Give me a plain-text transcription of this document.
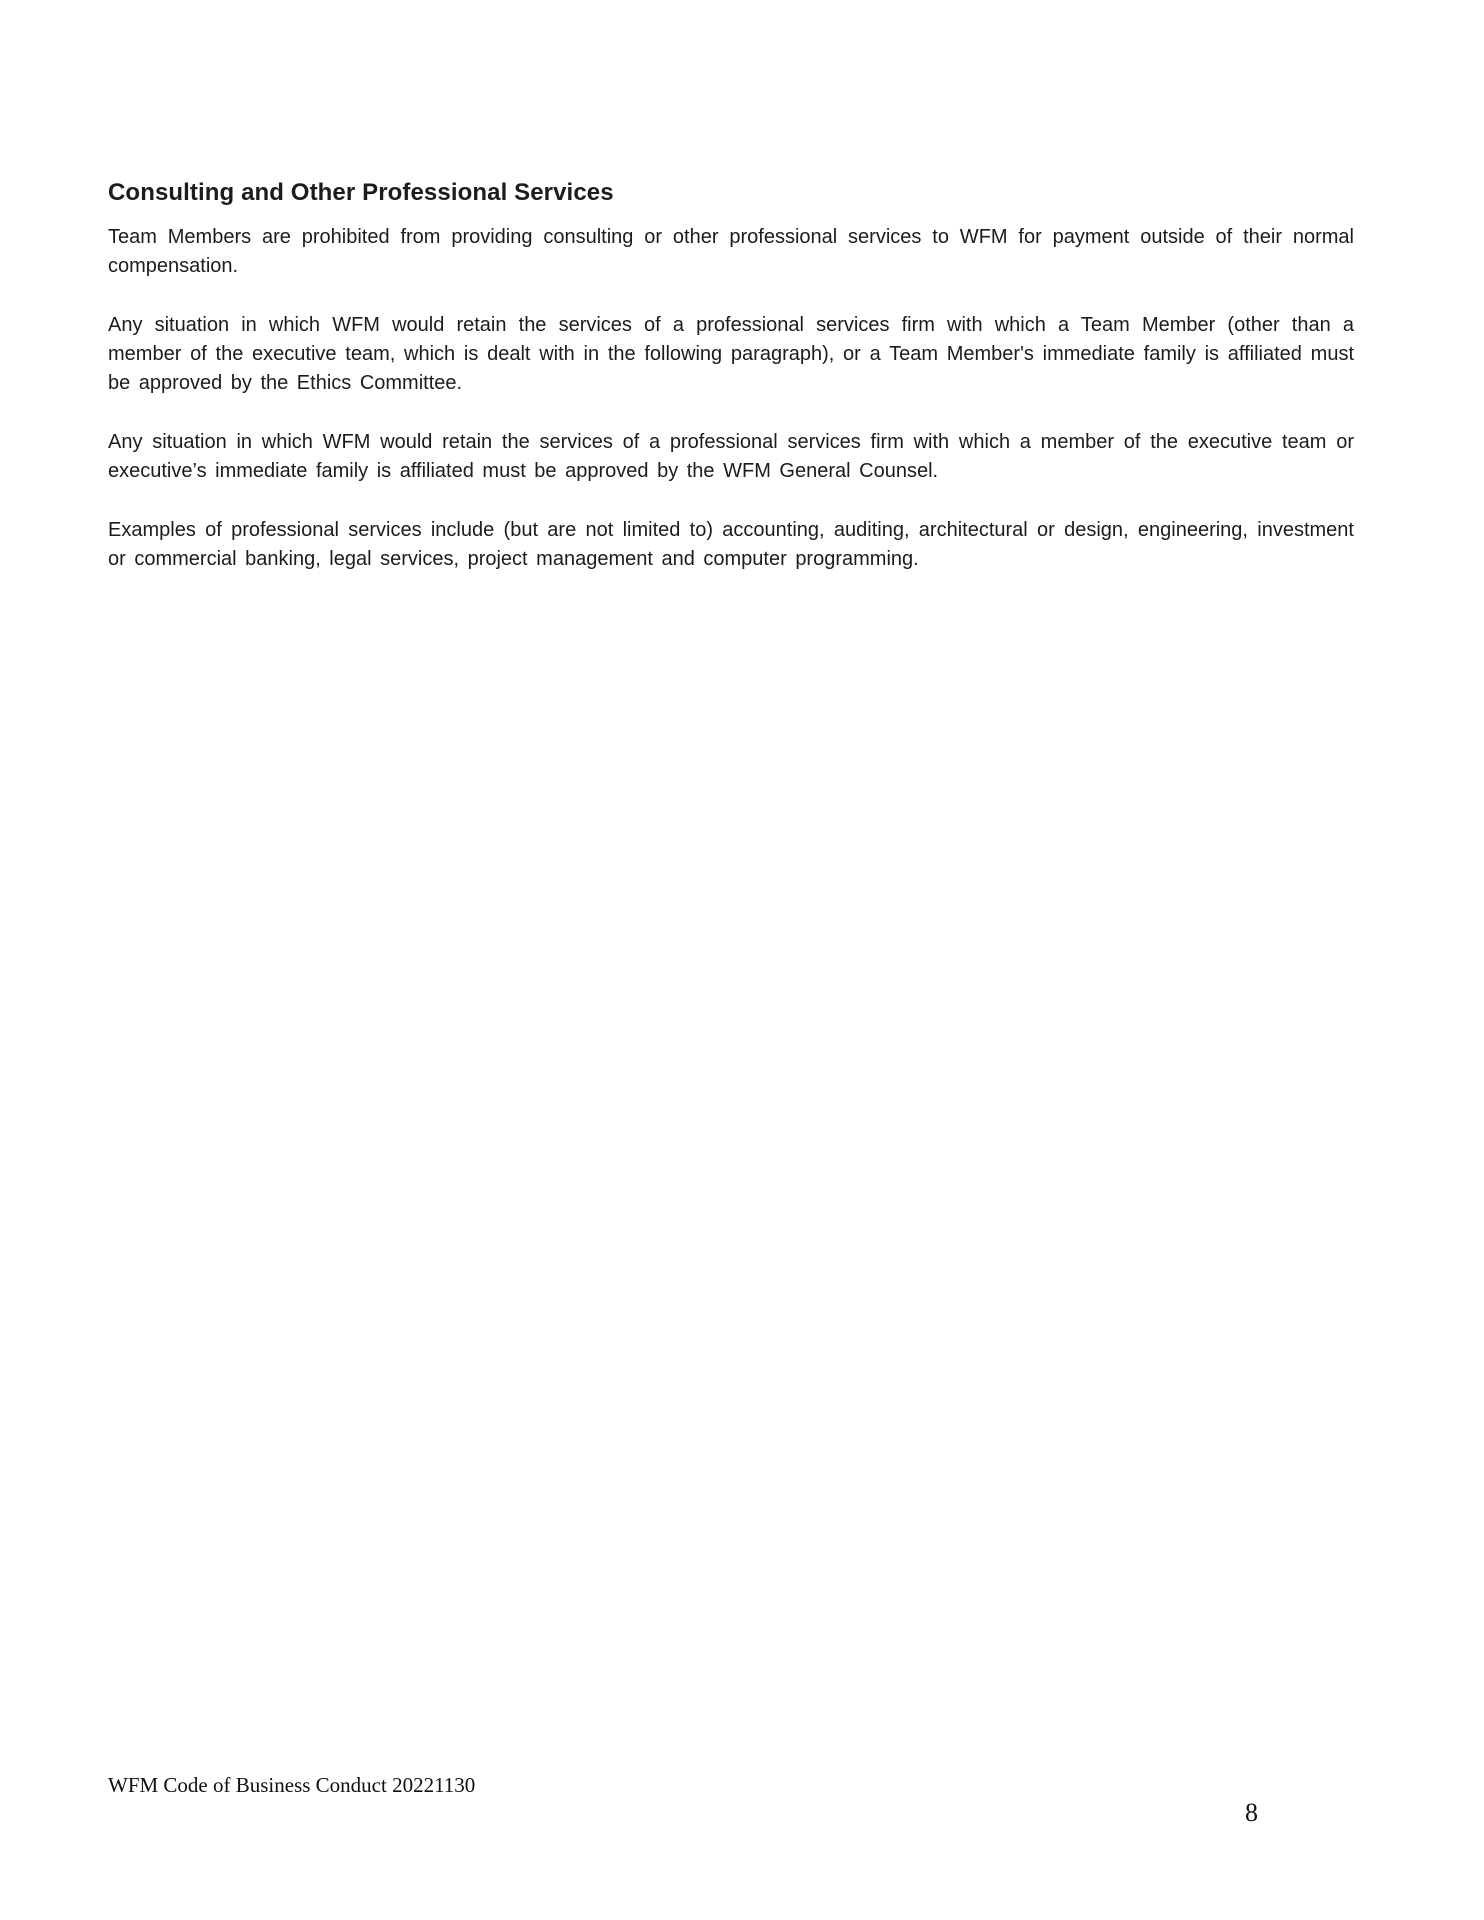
Consulting and Other Professional Services

Team Members are prohibited from providing consulting or other professional services to WFM for payment outside of their normal compensation.

Any situation in which WFM would retain the services of a professional services firm with which a Team Member (other than a member of the executive team, which is dealt with in the following paragraph), or a Team Member's immediate family is affiliated must be approved by the Ethics Committee.

Any situation in which WFM would retain the services of a professional services firm with which a member of the executive team or executive’s immediate family is affiliated must be approved by the WFM General Counsel.

Examples of professional services include (but are not limited to) accounting, auditing, architectural or design, engineering, investment or commercial banking, legal services, project management and computer programming.

WFM Code of Business Conduct 20221130
8
